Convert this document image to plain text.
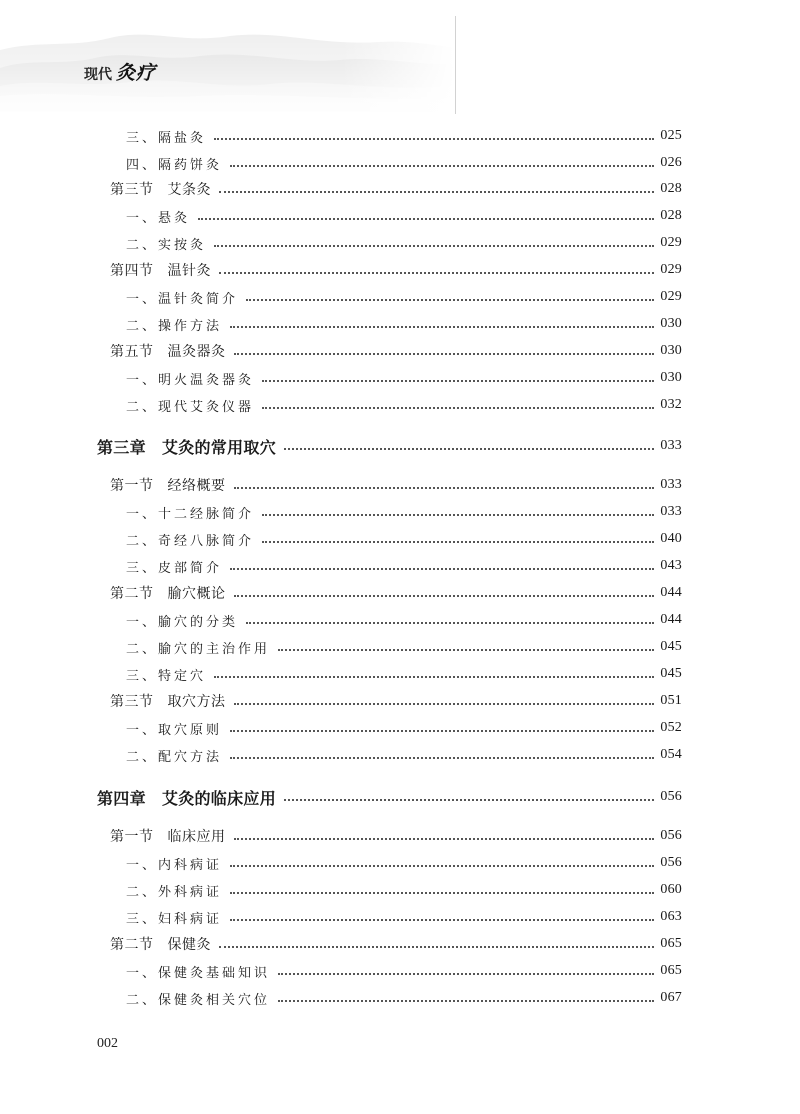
现代 灸疗
三、隔盐灸	025
四、隔药饼灸	026
第三节 艾条灸	028
一、悬灸	028
二、实按灸	029
第四节 温针灸	029
一、温针灸简介	029
二、操作方法	030
第五节 温灸器灸	030
一、明火温灸器灸	030
二、现代艾灸仪器	032
第三章 艾灸的常用取穴	033
第一节 经络概要	033
一、十二经脉简介	033
二、奇经八脉简介	040
三、皮部简介	043
第二节 腧穴概论	044
一、腧穴的分类	044
二、腧穴的主治作用	045
三、特定穴	045
第三节 取穴方法	051
一、取穴原则	052
二、配穴方法	054
第四章 艾灸的临床应用	056
第一节 临床应用	056
一、内科病证	056
二、外科病证	060
三、妇科病证	063
第二节 保健灸	065
一、保健灸基础知识	065
二、保健灸相关穴位	067
002
